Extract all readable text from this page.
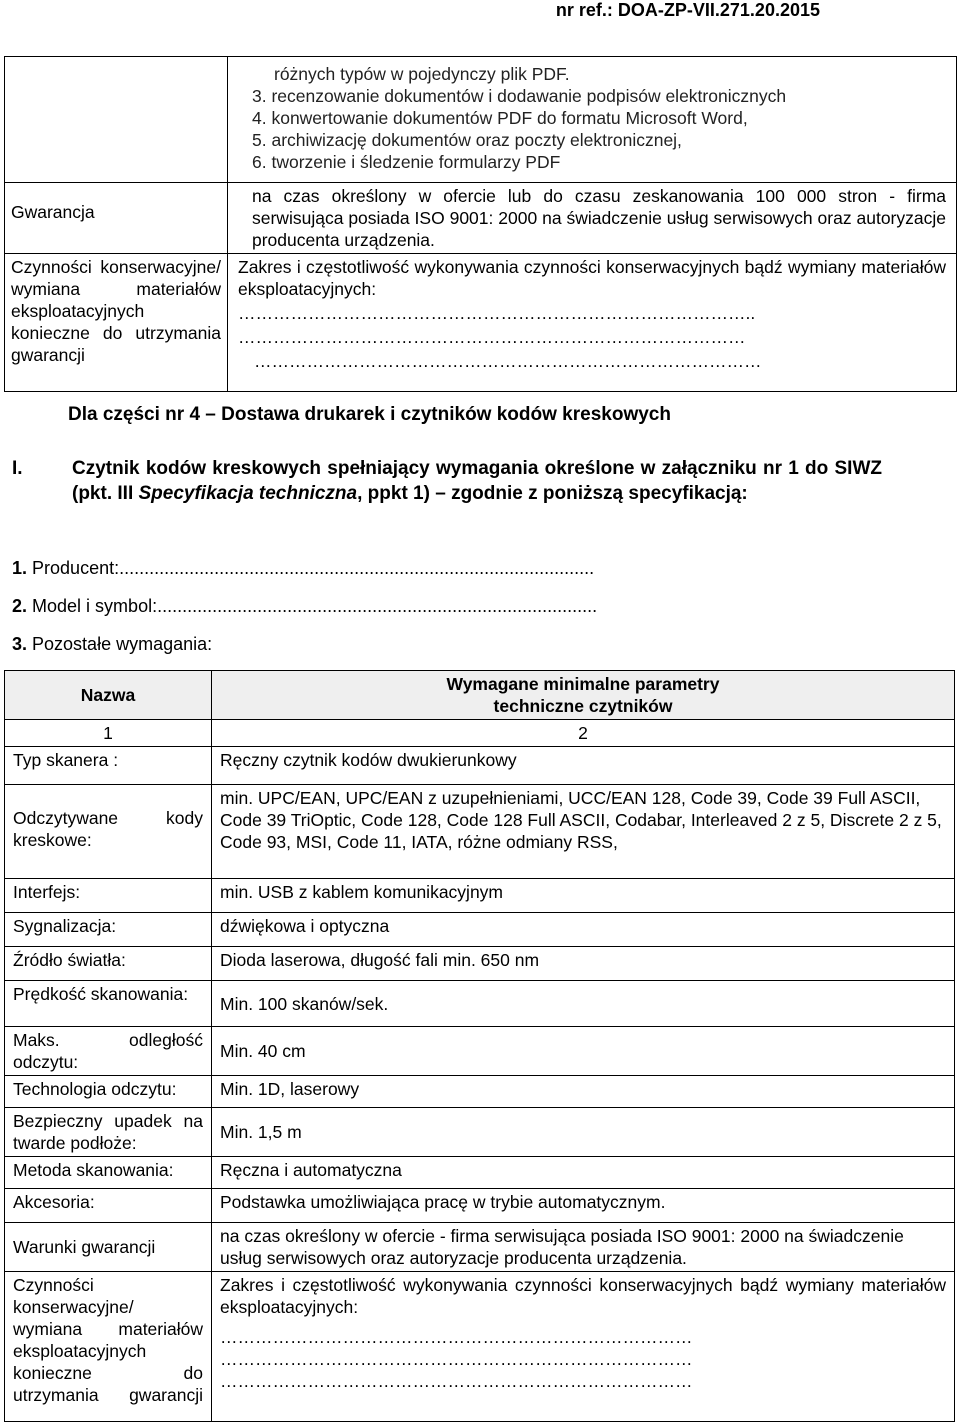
nr ref.: DOA-ZP-VII.271.20.2015

	różnych typów w pojedynczy plik PDF.
3. recenzowanie dokumentów i dodawanie podpisów elektronicznych
4. konwertowanie dokumentów PDF do formatu Microsoft Word,
5. archiwizację dokumentów oraz poczty elektronicznej,
6. tworzenie i śledzenie formularzy PDF

Gwarancja	na czas określony w ofercie lub do czasu zeskanowania 100 000 stron - firma serwisująca posiada ISO 9001: 2000 na świadczenie usług serwisowych oraz autoryzacje producenta urządzenia.

Czynności konserwacyjne/ wymiana materiałów eksploatacyjnych konieczne do utrzymania gwarancji	Zakres i częstotliwość wykonywania czynności konserwacyjnych bądź wymiany materiałów eksploatacyjnych:
……………………………………………………………………………..
……………………………………………………………………………
……………………………………………………………………………
Dla części nr 4 – Dostawa drukarek i czytników kodów kreskowych
I.	Czytnik kodów kreskowych spełniający wymagania określone w załączniku nr 1 do SIWZ (pkt. III Specyfikacja techniczna, ppkt 1) – zgodnie z poniższą specyfikacją:
1. Producent:...............................................................................................
2. Model i symbol:........................................................................................
3. Pozostałe wymagania:
Nazwa	Wymagane minimalne parametry techniczne czytników

1	2
Typ skanera :	Ręczny czytnik kodów dwukierunkowy

Odczytywane kody kreskowe:	min. UPC/EAN, UPC/EAN z uzupełnieniami, UCC/EAN 128, Code 39, Code 39 Full ASCII, Code 39 TriOptic, Code 128, Code 128 Full ASCII, Codabar, Interleaved 2 z 5, Discrete 2 z 5, Code 93, MSI, Code 11, IATA, różne odmiany RSS,
Interfejs:	min. USB z kablem komunikacyjnym
Sygnalizacja:	dźwiękowa i optyczna
Źródło światła:	Dioda laserowa, długość fali min. 650 nm
Prędkość skanowania:	Min. 100 skanów/sek.

Maks. odległość odczytu:	Min. 40 cm
Technologia odczytu:	Min. 1D, laserowy

Bezpieczny upadek na twarde podłoże:	Min. 1,5 m
Metoda skanowania:	Ręczna i automatyczna
Akcesoria:	Podstawka umożliwiająca pracę w trybie automatycznym.
Warunki gwarancji	na czas określony w ofercie - firma serwisująca posiada ISO 9001: 2000 na świadczenie usług serwisowych oraz autoryzacje producenta urządzenia.

Czynności konserwacyjne/ wymiana materiałów eksploatacyjnych konieczne do utrzymania gwarancji	Zakres i częstotliwość wykonywania czynności konserwacyjnych bądź wymiany materiałów eksploatacyjnych:
………………………………………………………………………
………………………………………………………………………
………………………………………………………………………
